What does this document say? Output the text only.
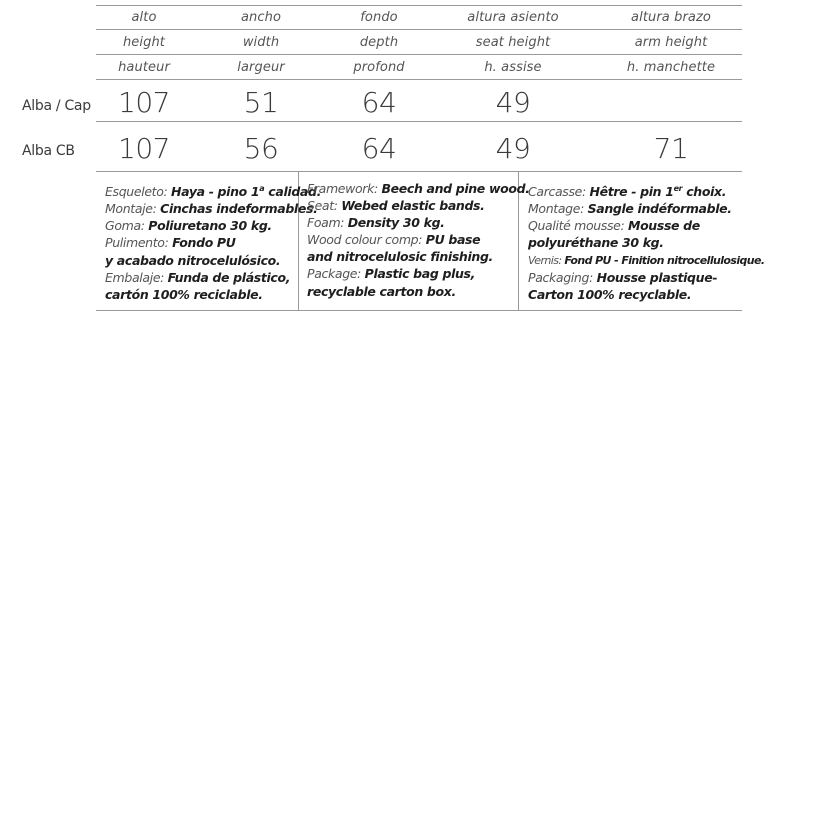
alto	ancho	fondo	altura asiento	altura brazo
height	width	depth	seat height	arm height
hauteur	largeur	profond	h. assise	h. manchette
Alba / Cap 107	51	64	49
Alba CB	107	56	64	49	71
Esqueleto: Haya - pino 1$^a$ calidad.
Montaje: Cinchas indeformables.
Goma: Poliuretano 30 kg.
Pulimento: Fondo PU
y acabado nitrocelulósico.
Embalaje: Funda de plástico,
cartón 100% reciclable.
Framework: Beech and pine wood.
Seat: Webed elastic bands.
Foam: Density 30 kg.
Wood colour comp: PU base
and nitrocelulosic finishing.
Package: Plastic bag plus,
recyclable carton box.
Carcasse: Hêtre - pin 1er choix.
Montage: Sangle indéformable.
Qualité mousse: Mousse de
polyuréthane 30 kg.
Vernis: Fond PU - Finition nitrocellulosique.
Packaging: Housse plastique-
Carton 100% recyclable.
